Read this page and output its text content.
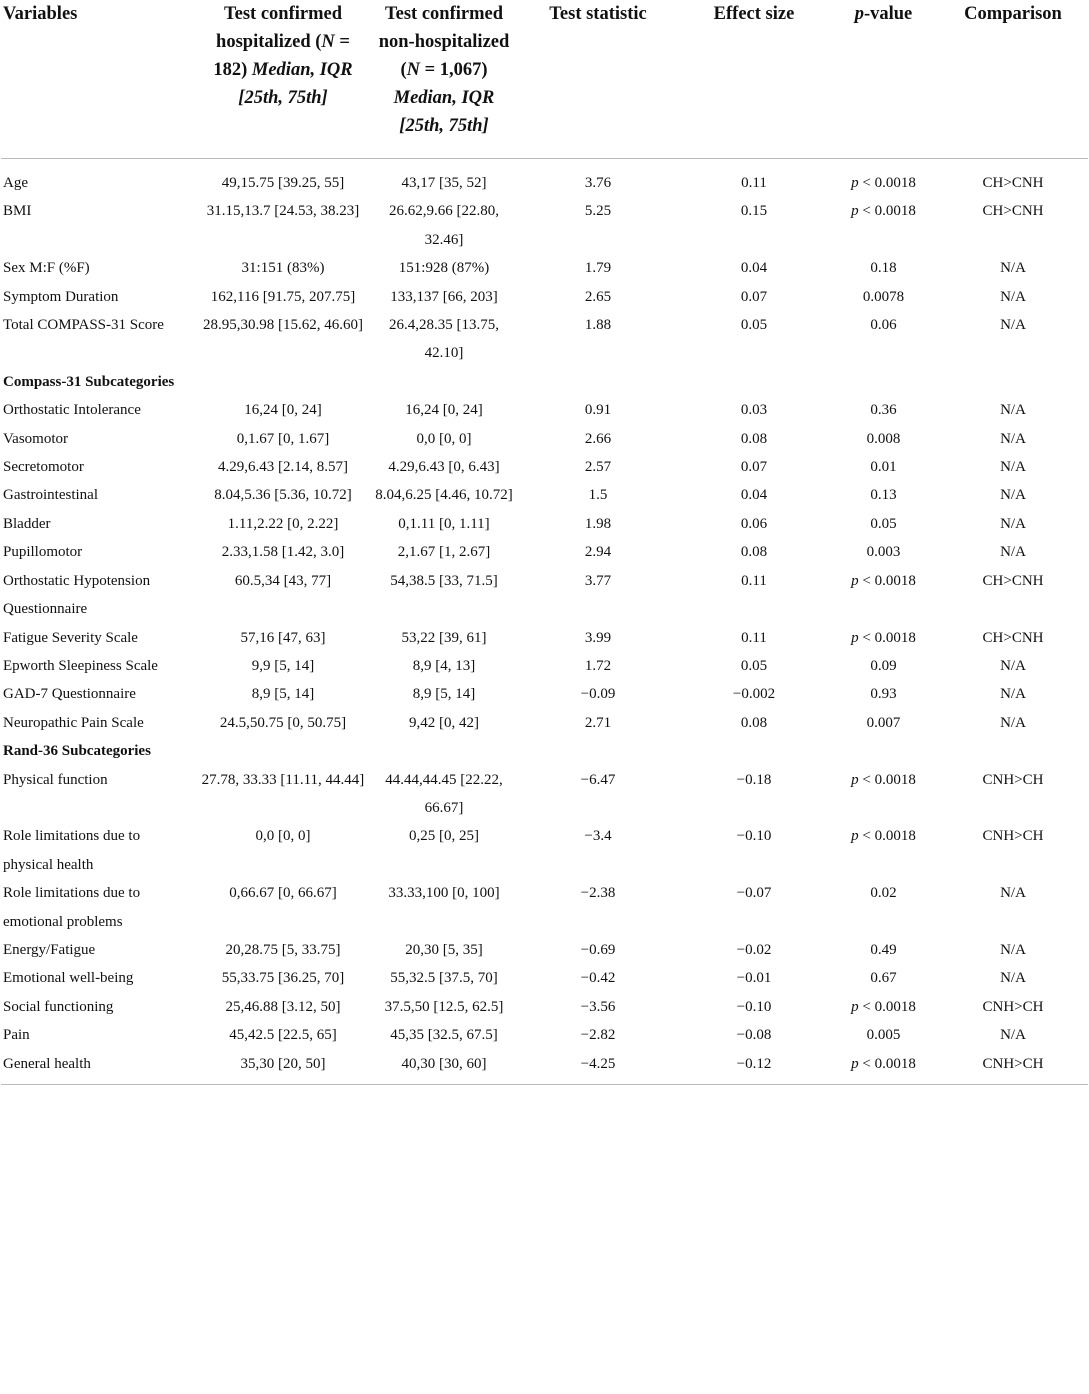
Variables	Test confirmed hospitalized (N = 182) Median, IQR [25th, 75th]	Test confirmed non-hospitalized (N = 1,067) Median, IQR [25th, 75th]	Test statistic	Effect size	p-value	Comparison
Age	49,15.75 [39.25, 55]	43,17 [35, 52]	3.76	0.11	p < 0.0018	CH>CNH
BMI	31.15,13.7 [24.53, 38.23]	26.62,9.66 [22.80, 32.46]	5.25	0.15	p < 0.0018	CH>CNH
Sex M:F (%F)	31:151 (83%)	151:928 (87%)	1.79	0.04	0.18	N/A
Symptom Duration	162,116 [91.75, 207.75]	133,137 [66, 203]	2.65	0.07	0.0078	N/A
Total COMPASS-31 Score	28.95,30.98 [15.62, 46.60]	26.4,28.35 [13.75, 42.10]	1.88	0.05	0.06	N/A
Compass-31 Subcategories						
Orthostatic Intolerance	16,24 [0, 24]	16,24 [0, 24]	0.91	0.03	0.36	N/A
Vasomotor	0,1.67 [0, 1.67]	0,0 [0, 0]	2.66	0.08	0.008	N/A
Secretomotor	4.29,6.43 [2.14, 8.57]	4.29,6.43 [0, 6.43]	2.57	0.07	0.01	N/A
Gastrointestinal	8.04,5.36 [5.36, 10.72]	8.04,6.25 [4.46, 10.72]	1.5	0.04	0.13	N/A
Bladder	1.11,2.22 [0, 2.22]	0,1.11 [0, 1.11]	1.98	0.06	0.05	N/A
Pupillomotor	2.33,1.58 [1.42, 3.0]	2,1.67 [1, 2.67]	2.94	0.08	0.003	N/A
Orthostatic Hypotension Questionnaire	60.5,34 [43, 77]	54,38.5 [33, 71.5]	3.77	0.11	p < 0.0018	CH>CNH
Fatigue Severity Scale	57,16 [47, 63]	53,22 [39, 61]	3.99	0.11	p < 0.0018	CH>CNH
Epworth Sleepiness Scale	9,9 [5, 14]	8,9 [4, 13]	1.72	0.05	0.09	N/A
GAD-7 Questionnaire	8,9 [5, 14]	8,9 [5, 14]	−0.09	−0.002	0.93	N/A
Neuropathic Pain Scale	24.5,50.75 [0, 50.75]	9,42 [0, 42]	2.71	0.08	0.007	N/A
Rand-36 Subcategories						
Physical function	27.78, 33.33 [11.11, 44.44]	44.44,44.45 [22.22, 66.67]	−6.47	−0.18	p < 0.0018	CNH>CH
Role limitations due to physical health	0,0 [0, 0]	0,25 [0, 25]	−3.4	−0.10	p < 0.0018	CNH>CH
Role limitations due to emotional problems	0,66.67 [0, 66.67]	33.33,100 [0, 100]	−2.38	−0.07	0.02	N/A
Energy/Fatigue	20,28.75 [5, 33.75]	20,30 [5, 35]	−0.69	−0.02	0.49	N/A
Emotional well-being	55,33.75 [36.25, 70]	55,32.5 [37.5, 70]	−0.42	−0.01	0.67	N/A
Social functioning	25,46.88 [3.12, 50]	37.5,50 [12.5, 62.5]	−3.56	−0.10	p < 0.0018	CNH>CH
Pain	45,42.5 [22.5, 65]	45,35 [32.5, 67.5]	−2.82	−0.08	0.005	N/A
General health	35,30 [20, 50]	40,30 [30, 60]	−4.25	−0.12	p < 0.0018	CNH>CH
